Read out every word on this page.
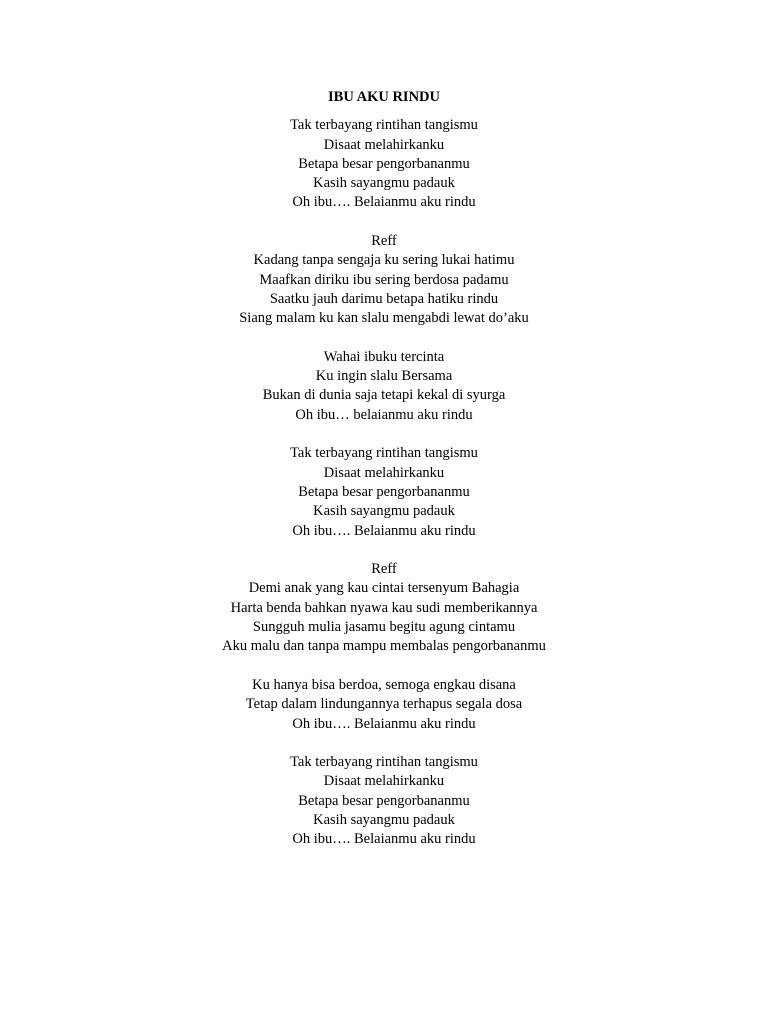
IBU AKU RINDU
Tak terbayang rintihan tangismu
Disaat melahirkanku
Betapa besar pengorbananmu
Kasih sayangmu padauk
Oh ibu…. Belaianmu aku rindu
Reff
Kadang tanpa sengaja ku sering lukai hatimu
Maafkan diriku ibu sering berdosa padamu
Saatku jauh darimu betapa hatiku rindu
Siang malam ku kan slalu mengabdi lewat do’aku
Wahai ibuku tercinta
Ku ingin slalu Bersama
Bukan di dunia saja tetapi kekal di syurga
Oh ibu… belaianmu aku rindu
Tak terbayang rintihan tangismu
Disaat melahirkanku
Betapa besar pengorbananmu
Kasih sayangmu padauk
Oh ibu…. Belaianmu aku rindu
Reff
Demi anak yang kau cintai tersenyum Bahagia
Harta benda bahkan nyawa kau sudi memberikannya
Sungguh mulia jasamu begitu agung cintamu
Aku malu dan tanpa mampu membalas pengorbananmu
Ku hanya bisa berdoa, semoga engkau disana
Tetap dalam lindungannya terhapus segala dosa
Oh ibu…. Belaianmu aku rindu
Tak terbayang rintihan tangismu
Disaat melahirkanku
Betapa besar pengorbananmu
Kasih sayangmu padauk
Oh ibu…. Belaianmu aku rindu
